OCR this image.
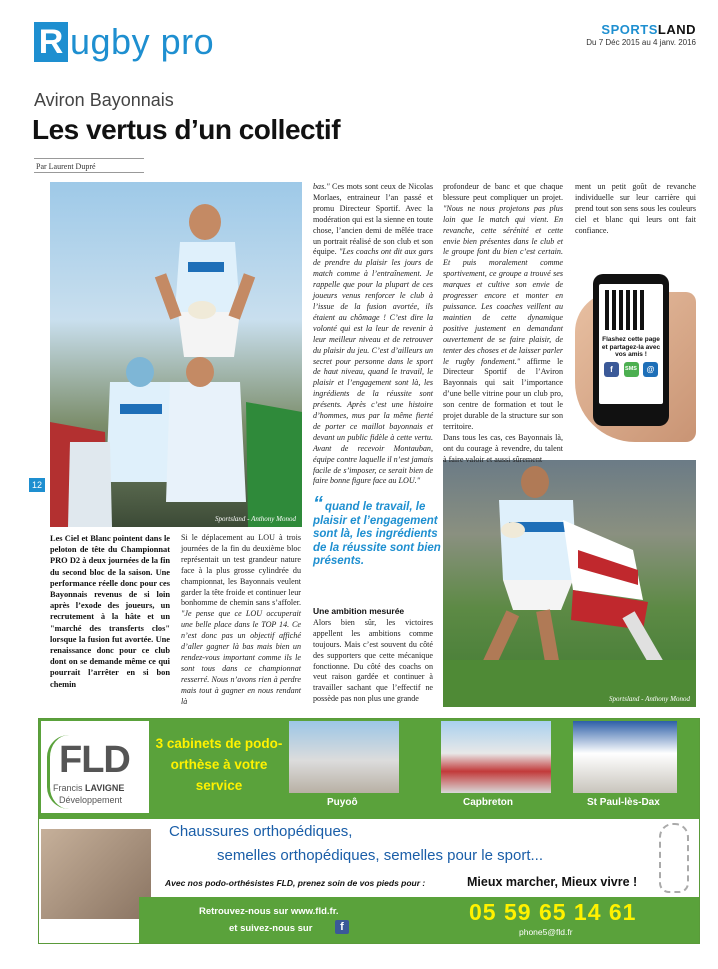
R ugby pro	SPORTSLAND
Du 7 Déc 2015 au 4 janv. 2016
Aviron Bayonnais
Les vertus d’un collectif
Par Laurent Dupré
12
Sportsland - Anthony Monod
Sportsland - Anthony Monod
Les Ciel et Blanc pointent dans le peloton de tête du Championnat PRO D2 à deux journées de la fin du second bloc de la saison. Une performance réelle donc pour ces Bayonnais revenus de si loin après l’exode des joueurs, un recrutement à la hâte et un "marché des transferts clos" lorsque la fusion fut avortée. Une renaissance donc pour ce club dont on se demande même ce qui pourrait l’arrêter en si bon chemin
Si le déplacement au LOU à trois journées de la fin du deuxième bloc représentait un test grandeur nature face à la plus grosse cylindrée du championnat, les Bayonnais veulent garder la tête froide et continuer leur bonhomme de chemin sans s’affoler. "Je pense que ce LOU occuperait une belle place dans le TOP 14. Ce n’est donc pas un objectif affiché d’aller gagner là bas mais bien un rendez-vous important comme ils le sont tous dans ce championnat resserré. Nous n’avons rien à perdre mais tout à gagner en nous rendant là
bas." Ces mots sont ceux de Nicolas Morlaes, entraineur l’an passé et promu Directeur Sportif. Avec la modération qui est la sienne en toute chose, l’ancien demi de mêlée trace un portrait réalisé de son club et son équipe. "Les coachs ont dit aux gars de prendre du plaisir les jours de match comme à l’entraînement. Je rappelle que pour la plupart de ces joueurs venus renforcer le club à l’issue de la fusion avortée, ils étaient au chômage ! C’est dire la volonté qui est la leur de revenir à leur meilleur niveau et de retrouver du plaisir du jeu. C’est d’ailleurs un secret pour personne dans le sport de haut niveau, quand le travail, le plaisir et l’engagement sont là, les ingrédients de la réussite sont présents. Après c’est une histoire d’hommes, mus par la même fierté de porter ce maillot bayonnais et devant un public fidèle à cette vertu. Avant de recevoir Montauban, équipe contre laquelle il n’est jamais facile de s’imposer, ce serait bien de faire bonne figure face au LOU."
“ quand le travail, le plaisir et l’engagement sont là, les ingrédients de la réussite sont bien présents.
Une ambition mesurée
Alors bien sûr, les victoires appellent les ambitions comme toujours. Mais c’est souvent du côté des supporters que cette mécanique fonctionne. Du côté des coachs on veut raison gardée et continuer à travailler sachant que l’effectif ne possède pas non plus une grande
profondeur de banc et que chaque blessure peut compliquer un projet. "Nous ne nous projetons pas plus loin que le match qui vient. En revanche, cette sérénité et cette envie bien présentes dans le club et le groupe font du bien c’est certain. Et puis moralement comme sportivement, ce groupe a trouvé ses marques et cultive son envie de progresser encore et monter en puissance. Les coaches veillent au maintien de cette dynamique positive justement en demandant ouvertement de se faire plaisir, de tenter des choses et de laisser parler le rugby fondement." affirme le Directeur Sportif de l’Aviron Bayonnais qui sait l’importance d’une belle vitrine pour un club pro, son centre de formation et tout le projet durable de la structure sur son territoire.
Dans tous les cas, ces Bayonnais là, ont du courage à revendre, du talent à faire valoir et aussi sûrement
ment un petit goût de revanche individuelle sur leur carrière qui prend tout son sens sous les couleurs ciel et blanc qui leurs ont fait confiance.
Flashez cette page et partagez-la avec vos amis !
f	SMS	@
FLD
Francis LAVIGNE
Développement
3 cabinets de podo-orthèse à votre service
Puyoô	Capbreton	St Paul-lès-Dax
Chaussures orthopédiques,
semelles orthopédiques, semelles pour le sport...
Avec nos podo-orthésistes FLD, prenez soin de vos pieds pour :	Mieux marcher, Mieux vivre !
Retrouvez-nous sur www.fld.fr.
et suivez-nous sur	f
05 59 65 14 61
phone5@fld.fr
